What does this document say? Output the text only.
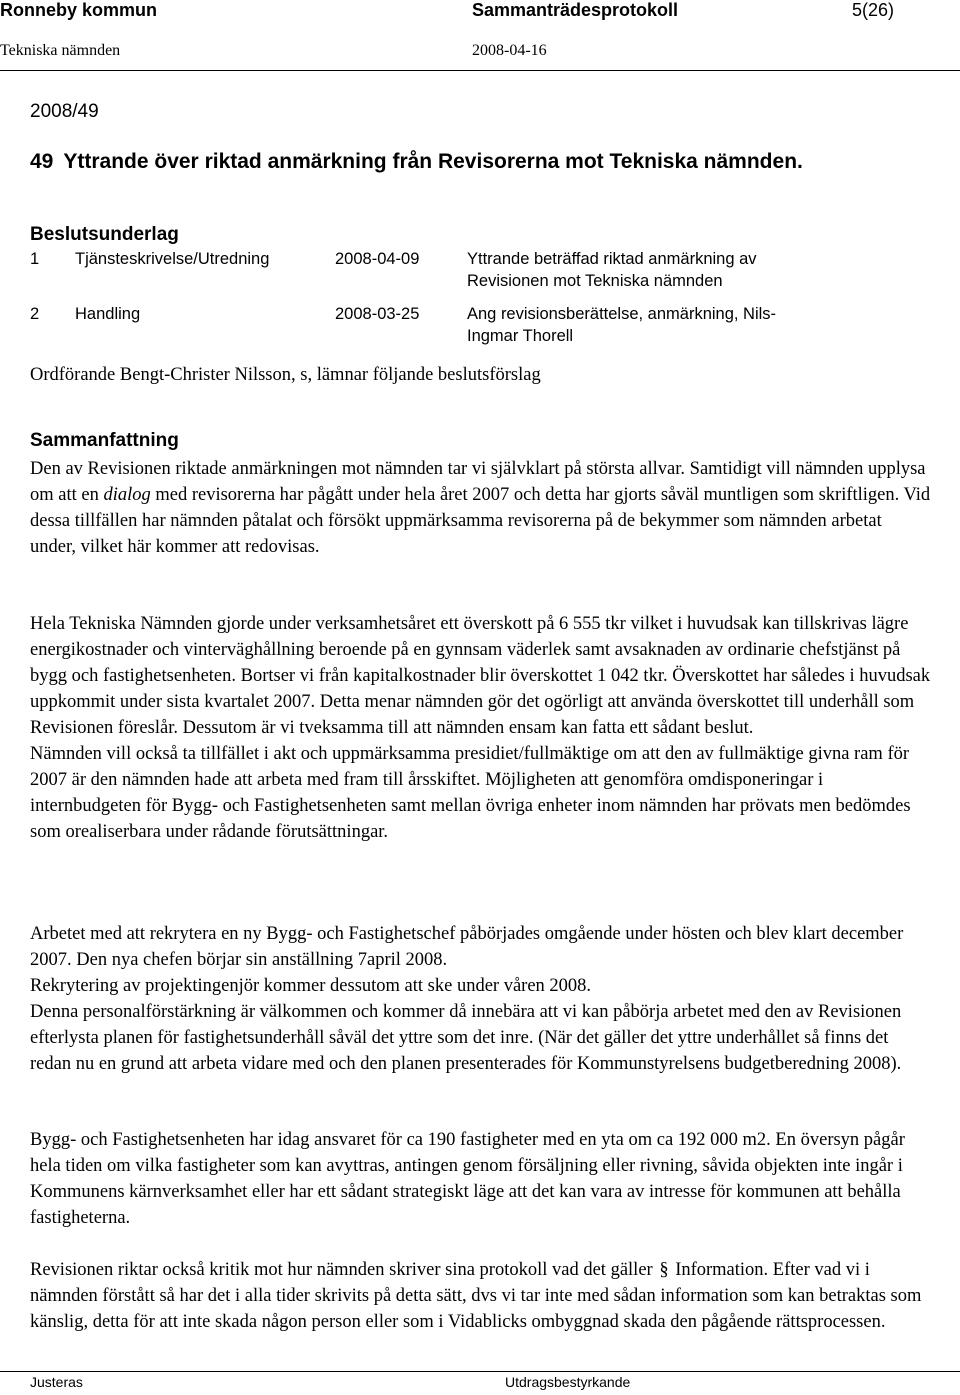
Ronneby kommun	Sammanträdesprotokoll	5(26)
Tekniska nämnden	2008-04-16
2008/49
49 Yttrande över riktad anmärkning från Revisorerna mot Tekniska nämnden.
Beslutsunderlag
1 Tjänsteskrivelse/Utredning	2008-04-09	Yttrande beträffad riktad anmärkning av Revisionen mot Tekniska nämnden
2 Handling	2008-03-25	Ang revisionsberättelse, anmärkning, Nils-Ingmar Thorell
Ordförande Bengt-Christer Nilsson, s, lämnar följande beslutsförslag
Sammanfattning

Den av Revisionen riktade anmärkningen mot nämnden tar vi självklart på största allvar. Samtidigt vill nämnden upplysa om att en dialog med revisorerna har pågått under hela året 2007 och detta har gjorts såväl muntligen som skriftligen. Vid dessa tillfällen har nämnden påtalat och försökt uppmärksamma revisorerna på de bekymmer som nämnden arbetat under, vilket här kommer att redovisas.

Hela Tekniska Nämnden gjorde under verksamhetsåret ett överskott på 6 555 tkr vilket i huvudsak kan tillskrivas lägre energikostnader och vinterväghållning beroende på en gynnsam väderlek samt avsaknaden av ordinarie chefstjänst på bygg och fastighetsenheten. Bortser vi från kapitalkostnader blir överskottet 1 042 tkr. Överskottet har således i huvudsak uppkommit under sista kvartalet 2007. Detta menar nämnden gör det ogörligt att använda överskottet till underhåll som Revisionen föreslår. Dessutom är vi tveksamma till att nämnden ensam kan fatta ett sådant beslut.

Nämnden vill också ta tillfället i akt och uppmärksamma presidiet/fullmäktige om att den av fullmäktige givna ram för 2007 är den nämnden hade att arbeta med fram till årsskiftet. Möjligheten att genomföra omdisponeringar i internbudgeten för Bygg- och Fastighetsenheten samt mellan övriga enheter inom nämnden har prövats men bedömdes som orealiserbara under rådande förutsättningar.

Arbetet med att rekrytera en ny Bygg- och Fastighetschef påbörjades omgående under hösten och blev klart december 2007. Den nya chefen börjar sin anställning 7april 2008.

Rekrytering av projektingenjör kommer dessutom att ske under våren 2008.

Denna personalförstärkning är välkommen och kommer då innebära att vi kan påbörja arbetet med den av Revisionen efterlysta planen för fastighetsunderhåll såväl det yttre som det inre. (När det gäller det yttre underhållet så finns det redan nu en grund att arbeta vidare med och den planen presenterades för Kommunstyrelsens budgetberedning 2008).

Bygg- och Fastighetsenheten har idag ansvaret för ca 190 fastigheter med en yta om ca 192 000 m2. En översyn pågår hela tiden om vilka fastigheter som kan avyttras, antingen genom försäljning eller rivning, såvida objekten inte ingår i Kommunens kärnverksamhet eller har ett sådant strategiskt läge att det kan vara av intresse för kommunen att behålla fastigheterna.

Revisionen riktar också kritik mot hur nämnden skriver sina protokoll vad det gäller § Information. Efter vad vi i nämnden förstått så har det i alla tider skrivits på detta sätt, dvs vi tar inte med sådan information som kan betraktas som känslig, detta för att inte skada någon person eller som i Vidablicks ombyggnad skada den pågående rättsprocessen.

Justeras	Utdragsbestyrkande
